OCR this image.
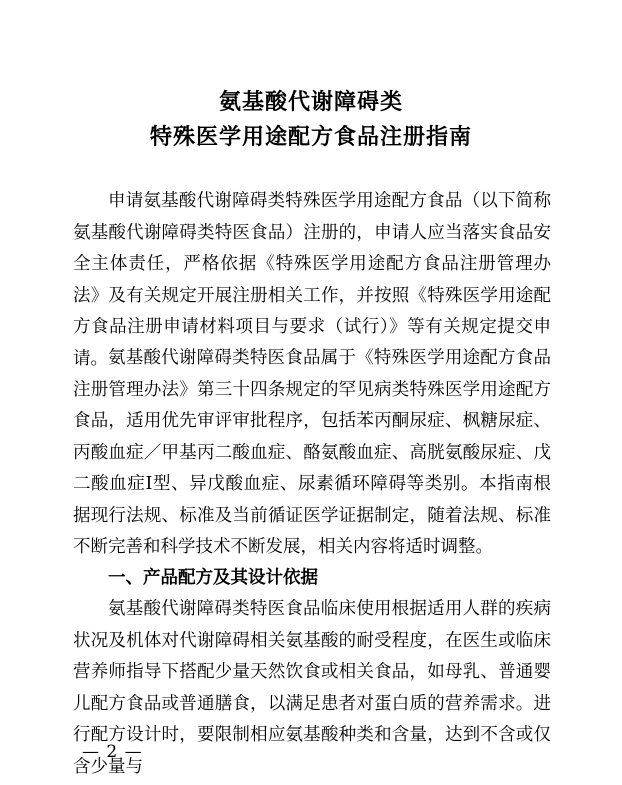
氨基酸代谢障碍类
特殊医学用途配方食品注册指南

申请氨基酸代谢障碍类特殊医学用途配方食品（以下简称氨基酸代谢障碍类特医食品）注册的，申请人应当落实食品安全主体责任，严格依据《特殊医学用途配方食品注册管理办法》及有关规定开展注册相关工作，并按照《特殊医学用途配方食品注册申请材料项目与要求（试行）》等有关规定提交申请。 氨基酸代谢障碍类特医食品属于《特殊医学用途配方食品注册管理办法》第三十四条规定的罕见病类特殊医学用途配方食品，适用优先审评审批程序，包括苯丙酮尿症、枫糖尿症、丙酸血症／甲基丙二酸血症、酪氨酸血症、高胱氨酸尿症、戊二酸血症Ⅰ型、异戊酸血症、尿素循环障碍等类别。本指南根据现行法规、标准及当前循证医学证据制定，随着法规、标准不断完善和科学技术不断发展，相关内容将适时调整。

一、产品配方及其设计依据

氨基酸代谢障碍类特医食品临床使用根据适用人群的疾病状况及机体对代谢障碍相关氨基酸的耐受程度，在医生或临床营养师指导下搭配少量天然饮食或相关食品，如母乳、普通婴儿配方食品或普通膳食，以满足患者对蛋白质的营养需求。进行配方设计时，要限制相应氨基酸种类和含量，达到不含或仅含少量与

— 2 —
